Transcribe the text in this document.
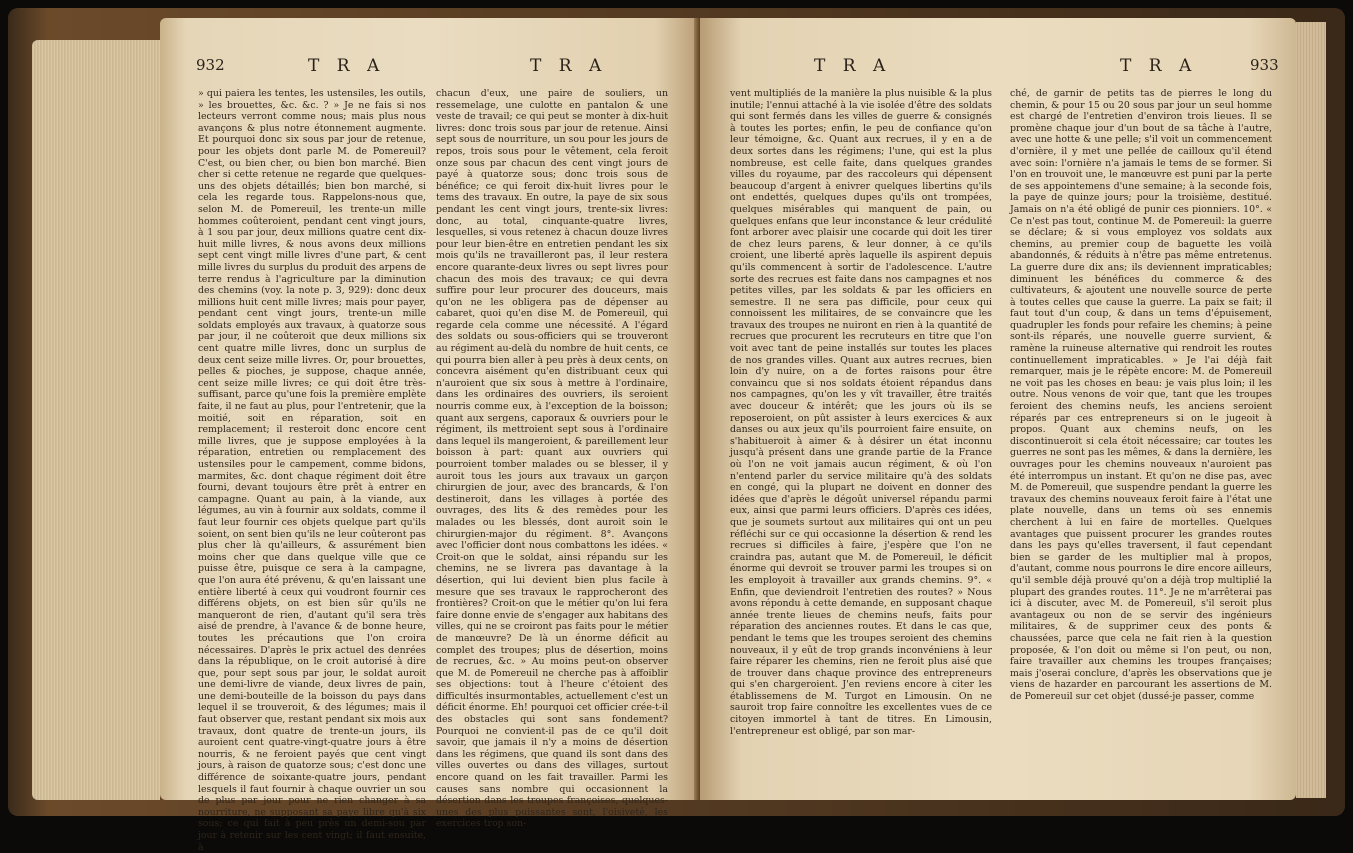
932	T R A	T R A

» qui paiera les tentes, les ustensiles, les outils, » les brouettes, &c. &c. ? » Je ne fais si nos lecteurs verront comme nous; mais plus nous avançons & plus notre étonnement augmente. Et pourquoi donc six sous par jour de retenue, pour les objets dont parle M. de Pomereuil? C'est, ou bien cher, ou bien bon marché. Bien cher si cette retenue ne regarde que quelques-uns des objets détaillés; bien bon marché, si cela les regarde tous. Rappelons-nous que, selon M. de Pomereuil, les trente-un mille hommes coûteroient, pendant cent vingt jours, à 1 sou par jour, deux millions quatre cent dix-huit mille livres, & nous avons deux millions sept cent vingt mille livres d'une part, & cent mille livres du surplus du produit des arpens de terre rendus à l'agriculture par la diminution des chemins (voy. la note p. 3, 929): donc deux millions huit cent mille livres; mais pour payer, pendant cent vingt jours, trente-un mille soldats employés aux travaux, à quatorze sous par jour, il ne coûteroit que deux millions six cent quatre mille livres, donc un surplus de deux cent seize mille livres. Or, pour brouettes, pelles & pioches, je suppose, chaque année, cent seize mille livres; ce qui doit être très-suffisant, parce qu'une fois la première emplète faite, il ne faut au plus, pour l'entretenir, que la moitié, soit en réparation, soit en remplacement; il resteroit donc encore cent mille livres, que je suppose employées à la réparation, entretien ou remplacement des ustensiles pour le campement, comme bidons, marmites, &c. dont chaque régiment doit être fourni, devant toujours être prêt à entrer en campagne. Quant au pain, à la viande, aux légumes, au vin à fournir aux soldats, comme il faut leur fournir ces objets quelque part qu'ils soient, on sent bien qu'ils ne leur coûteront pas plus cher là qu'ailleurs, & assurément bien moins cher que dans quelque ville que ce puisse être, puisque ce sera à la campagne, que l'on aura été prévenu, & qu'en laissant une entière liberté à ceux qui voudront fournir ces différens objets, on est bien sûr qu'ils ne manqueront de rien, d'autant qu'il sera très aisé de prendre, à l'avance & de bonne heure, toutes les précautions que l'on croira nécessaires. D'après le prix actuel des denrées dans la république, on le croit autorisé à dire que, pour sept sous par jour, le soldat auroit une demi-livre de viande, deux livres de pain, une demi-bouteille de la boisson du pays dans lequel il se trouveroit, & des légumes; mais il faut observer que, restant pendant six mois aux travaux, dont quatre de trente-un jours, ils auroient cent quatre-vingt-quatre jours à être nourris, & ne feroient payés que cent vingt jours, à raison de quatorze sous; c'est donc une différence de soixante-quatre jours, pendant lesquels il faut fournir à chaque ouvrier un sou de plus par jour pour ne rien changer à sa nourriture, ne supposant sa paye libre qu'à six sous; ce qui fait à peu près un demi-sou par jour à retenir sur les cent vingt; il faut ensuite, à

chacun d'eux, une paire de souliers, un ressemelage, une culotte en pantalon & une veste de travail; ce qui peut se monter à dix-huit livres: donc trois sous par jour de retenue. Ainsi sept sous de nourriture, un sou pour les jours de repos, trois sous pour le vêtement, cela feroit onze sous par chacun des cent vingt jours de payé à quatorze sous; donc trois sous de bénéfice; ce qui feroit dix-huit livres pour le tems des travaux. En outre, la paye de six sous pendant les cent vingt jours, trente-six livres: donc, au total, cinquante-quatre livres, lesquelles, si vous retenez à chacun douze livres pour leur bien-être en entretien pendant les six mois qu'ils ne travailleront pas, il leur restera encore quarante-deux livres ou sept livres pour chacun des mois des travaux; ce qui devra suffire pour leur procurer des douceurs, mais qu'on ne les obligera pas de dépenser au cabaret, quoi qu'en dise M. de Pomereuil, qui regarde cela comme une nécessité. A l'égard des soldats ou sous-officiers qui se trouveront au régiment au-delà du nombre de huit cents, ce qui pourra bien aller à peu près à deux cents, on concevra aisément qu'en distribuant ceux qui n'auroient que six sous à mettre à l'ordinaire, dans les ordinaires des ouvriers, ils seroient nourris comme eux, à l'exception de la boisson; quant aux sergens, caporaux & ouvriers pour le régiment, ils mettroient sept sous à l'ordinaire dans lequel ils mangeroient, & pareillement leur boisson à part: quant aux ouvriers qui pourroient tomber malades ou se blesser, il y auroit tous les jours aux travaux un garçon chirurgien de jour, avec des brancards, & l'on destineroit, dans les villages à portée des ouvrages, des lits & des remèdes pour les malades ou les blessés, dont auroit soin le chirurgien-major du régiment. 8°. Avançons avec l'officier dont nous combattons les idées. « Croit-on que le soldat, ainsi répandu sur les chemins, ne se livrera pas davantage à la désertion, qui lui devient bien plus facile à mesure que ses travaux le rapprocheront des frontières? Croit-on que le métier qu'on lui fera faire donne envie de s'engager aux habitans des villes, qui ne se croiront pas faits pour le métier de manœuvre? De là un énorme déficit au complet des troupes; plus de désertion, moins de recrues, &c. » Au moins peut-on observer que M. de Pomereuil ne cherche pas à affoiblir ses objections: tout à l'heure c'étoient des difficultés insurmontables, actuellement c'est un déficit énorme. Eh! pourquoi cet officier crée-t-il des obstacles qui sont sans fondement? Pourquoi ne convient-il pas de ce qu'il doit savoir, que jamais il n'y a moins de désertion dans les régimens, que quand ils sont dans des villes ouvertes ou dans des villages, surtout encore quand on les fait travailler. Parmi les causes sans nombre qui occasionnent la désertion dans les troupes françoises, quelques-unes des plus puissantes sont, l'oisiveté, les exercices trop son-

T R A	T R A	933

vent multipliés de la manière la plus nuisible & la plus inutile; l'ennui attaché à la vie isolée d'être des soldats qui sont fermés dans les villes de guerre & consignés à toutes les portes; enfin, le peu de confiance qu'on leur témoigne, &c. Quant aux recrues, il y en a de deux sortes dans les régimens; l'une, qui est la plus nombreuse, est celle faite, dans quelques grandes villes du royaume, par des raccoleurs qui dépensent beaucoup d'argent à enivrer quelques libertins qu'ils ont endettés, quelques dupes qu'ils ont trompées, quelques misérables qui manquent de pain, ou quelques enfans que leur inconstance & leur crédulité font arborer avec plaisir une cocarde qui doit les tirer de chez leurs parens, & leur donner, à ce qu'ils croient, une liberté après laquelle ils aspirent depuis qu'ils commencent à sortir de l'adolescence. L'autre sorte des recrues est faite dans nos campagnes et nos petites villes, par les soldats & par les officiers en semestre. Il ne sera pas difficile, pour ceux qui connoissent les militaires, de se convaincre que les travaux des troupes ne nuiront en rien à la quantité de recrues que procurent les recruteurs en titre que l'on voit avec tant de peine installés sur toutes les places de nos grandes villes. Quant aux autres recrues, bien loin d'y nuire, on a de fortes raisons pour être convaincu que si nos soldats étoient répandus dans nos campagnes, qu'on les y vît travailler, être traités avec douceur & intérêt; que les jours où ils se reposeroient, on pût assister à leurs exercices & aux danses ou aux jeux qu'ils pourroient faire ensuite, on s'habitueroit à aimer & à désirer un état inconnu jusqu'à présent dans une grande partie de la France où l'on ne voit jamais aucun régiment, & où l'on n'entend parler du service militaire qu'à des soldats en congé, qui la plupart ne doivent en donner des idées que d'après le dégoût universel répandu parmi eux, ainsi que parmi leurs officiers. D'après ces idées, que je soumets surtout aux militaires qui ont un peu réfléchi sur ce qui occasionne la désertion & rend les recrues si difficiles à faire, j'espère que l'on ne craindra pas, autant que M. de Pomereuil, le déficit énorme qui devroit se trouver parmi les troupes si on les employoit à travailler aux grands chemins. 9°. « Enfin, que deviendroit l'entretien des routes? » Nous avons répondu à cette demande, en supposant chaque année trente lieues de chemins neufs, faits pour réparation des anciennes routes. Et dans le cas que, pendant le tems que les troupes seroient des chemins nouveaux, il y eût de trop grands inconvéniens à leur faire réparer les chemins, rien ne feroit plus aisé que de trouver dans chaque province des entrepreneurs qui s'en chargeroient. J'en reviens encore à citer les établissemens de M. Turgot en Limousin. On ne sauroit trop faire connoître les excellentes vues de ce citoyen immortel à tant de titres. En Limousin, l'entrepreneur est obligé, par son mar-

ché, de garnir de petits tas de pierres le long du chemin, & pour 15 ou 20 sous par jour un seul homme est chargé de l'entretien d'environ trois lieues. Il se promène chaque jour d'un bout de sa tâche à l'autre, avec une hotte & une pelle; s'il voit un commencement d'ornière, il y met une pellée de cailloux qu'il étend avec soin: l'ornière n'a jamais le tems de se former. Si l'on en trouvoit une, le manœuvre est puni par la perte de ses appointemens d'une semaine; à la seconde fois, la paye de quinze jours; pour la troisième, destitué. Jamais on n'a été obligé de punir ces pionniers. 10°. « Ce n'est pas tout, continue M. de Pomereuil: la guerre se déclare; & si vous employez vos soldats aux chemins, au premier coup de baguette les voilà abandonnés, & réduits à n'être pas même entretenus. La guerre dure dix ans; ils deviennent impraticables; diminuent les bénéfices du commerce & des cultivateurs, & ajoutent une nouvelle source de perte à toutes celles que cause la guerre. La paix se fait; il faut tout d'un coup, & dans un tems d'épuisement, quadrupler les fonds pour refaire les chemins; à peine sont-ils réparés, une nouvelle guerre survient, & ramène la ruineuse alternative qui rendroit les routes continuellement impraticables. » Je l'ai déjà fait remarquer, mais je le répète encore: M. de Pomereuil ne voit pas les choses en beau: je vais plus loin; il les outre. Nous venons de voir que, tant que les troupes feroient des chemins neufs, les anciens seroient réparés par ces entrepreneurs si on le jugeoit à propos. Quant aux chemins neufs, on les discontinueroit si cela étoit nécessaire; car toutes les guerres ne sont pas les mêmes, & dans la dernière, les ouvrages pour les chemins nouveaux n'auroient pas été interrompus un instant. Et qu'on ne dise pas, avec M. de Pomereuil, que suspendre pendant la guerre les travaux des chemins nouveaux feroit faire à l'état une plate nouvelle, dans un tems où ses ennemis cherchent à lui en faire de mortelles. Quelques avantages que puissent procurer les grandes routes dans les pays qu'elles traversent, il faut cependant bien se garder de les multiplier mal à propos, d'autant, comme nous pourrons le dire encore ailleurs, qu'il semble déjà prouvé qu'on a déjà trop multiplié la plupart des grandes routes. 11°. Je ne m'arrêterai pas ici à discuter, avec M. de Pomereuil, s'il seroit plus avantageux ou non de se servir des ingénieurs militaires, & de supprimer ceux des ponts & chaussées, parce que cela ne fait rien à la question proposée, & l'on doit ou même si l'on peut, ou non, faire travailler aux chemins les troupes françaises; mais j'oserai conclure, d'après les observations que je viens de hazarder en parcourant les assertions de M. de Pomereuil sur cet objet (dussé-je passer, comme
